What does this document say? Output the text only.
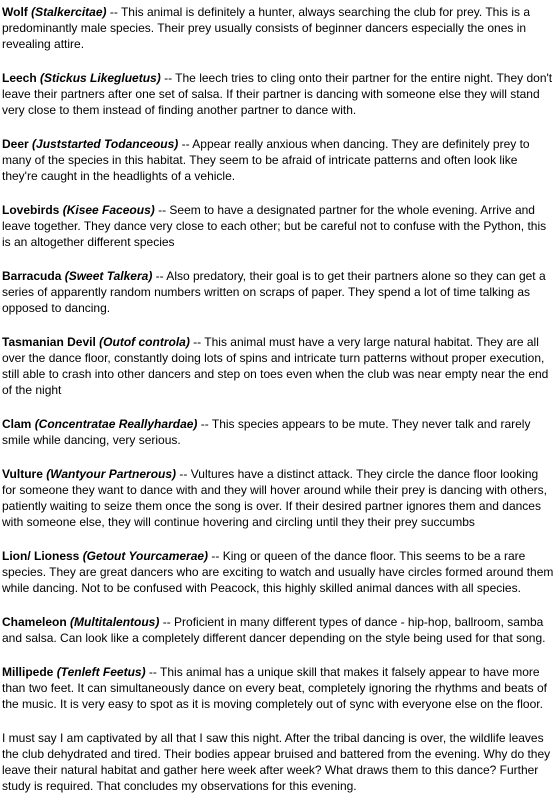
Wolf (Stalkercitae) -- This animal is definitely a hunter, always searching the club for prey. This is a predominantly male species. Their prey usually consists of beginner dancers especially the ones in revealing attire.

Leech (Stickus Likegluetus) -- The leech tries to cling onto their partner for the entire night. They don't leave their partners after one set of salsa. If their partner is dancing with someone else they will stand very close to them instead of finding another partner to dance with.

Deer (Juststarted Todanceous) -- Appear really anxious when dancing. They are definitely prey to many of the species in this habitat. They seem to be afraid of intricate patterns and often look like they're caught in the headlights of a vehicle.

Lovebirds (Kisee Faceous) -- Seem to have a designated partner for the whole evening. Arrive and leave together. They dance very close to each other; but be careful not to confuse with the Python, this is an altogether different species

Barracuda (Sweet Talkera) -- Also predatory, their goal is to get their partners alone so they can get a series of apparently random numbers written on scraps of paper. They spend a lot of time talking as opposed to dancing.

Tasmanian Devil (Outof controla) -- This animal must have a very large natural habitat. They are all over the dance floor, constantly doing lots of spins and intricate turn patterns without proper execution, still able to crash into other dancers and step on toes even when the club was near empty near the end of the night

Clam (Concentratae Reallyhardae) -- This species appears to be mute. They never talk and rarely smile while dancing, very serious.

Vulture (Wantyour Partnerous) -- Vultures have a distinct attack. They circle the dance floor looking for someone they want to dance with and they will hover around while their prey is dancing with others, patiently waiting to seize them once the song is over. If their desired partner ignores them and dances with someone else, they will continue hovering and circling until they their prey succumbs

Lion/ Lioness (Getout Yourcamerae) -- King or queen of the dance floor. This seems to be a rare species. They are great dancers who are exciting to watch and usually have circles formed around them while dancing. Not to be confused with Peacock, this highly skilled animal dances with all species.

Chameleon (Multitalentous) -- Proficient in many different types of dance - hip-hop, ballroom, samba and salsa. Can look like a completely different dancer depending on the style being used for that song.

Millipede (Tenleft Feetus) -- This animal has a unique skill that makes it falsely appear to have more than two feet. It can simultaneously dance on every beat, completely ignoring the rhythms and beats of the music. It is very easy to spot as it is moving completely out of sync with everyone else on the floor.

I must say I am captivated by all that I saw this night. After the tribal dancing is over, the wildlife leaves the club dehydrated and tired. Their bodies appear bruised and battered from the evening. Why do they leave their natural habitat and gather here week after week? What draws them to this dance? Further study is required. That concludes my observations for this evening.
